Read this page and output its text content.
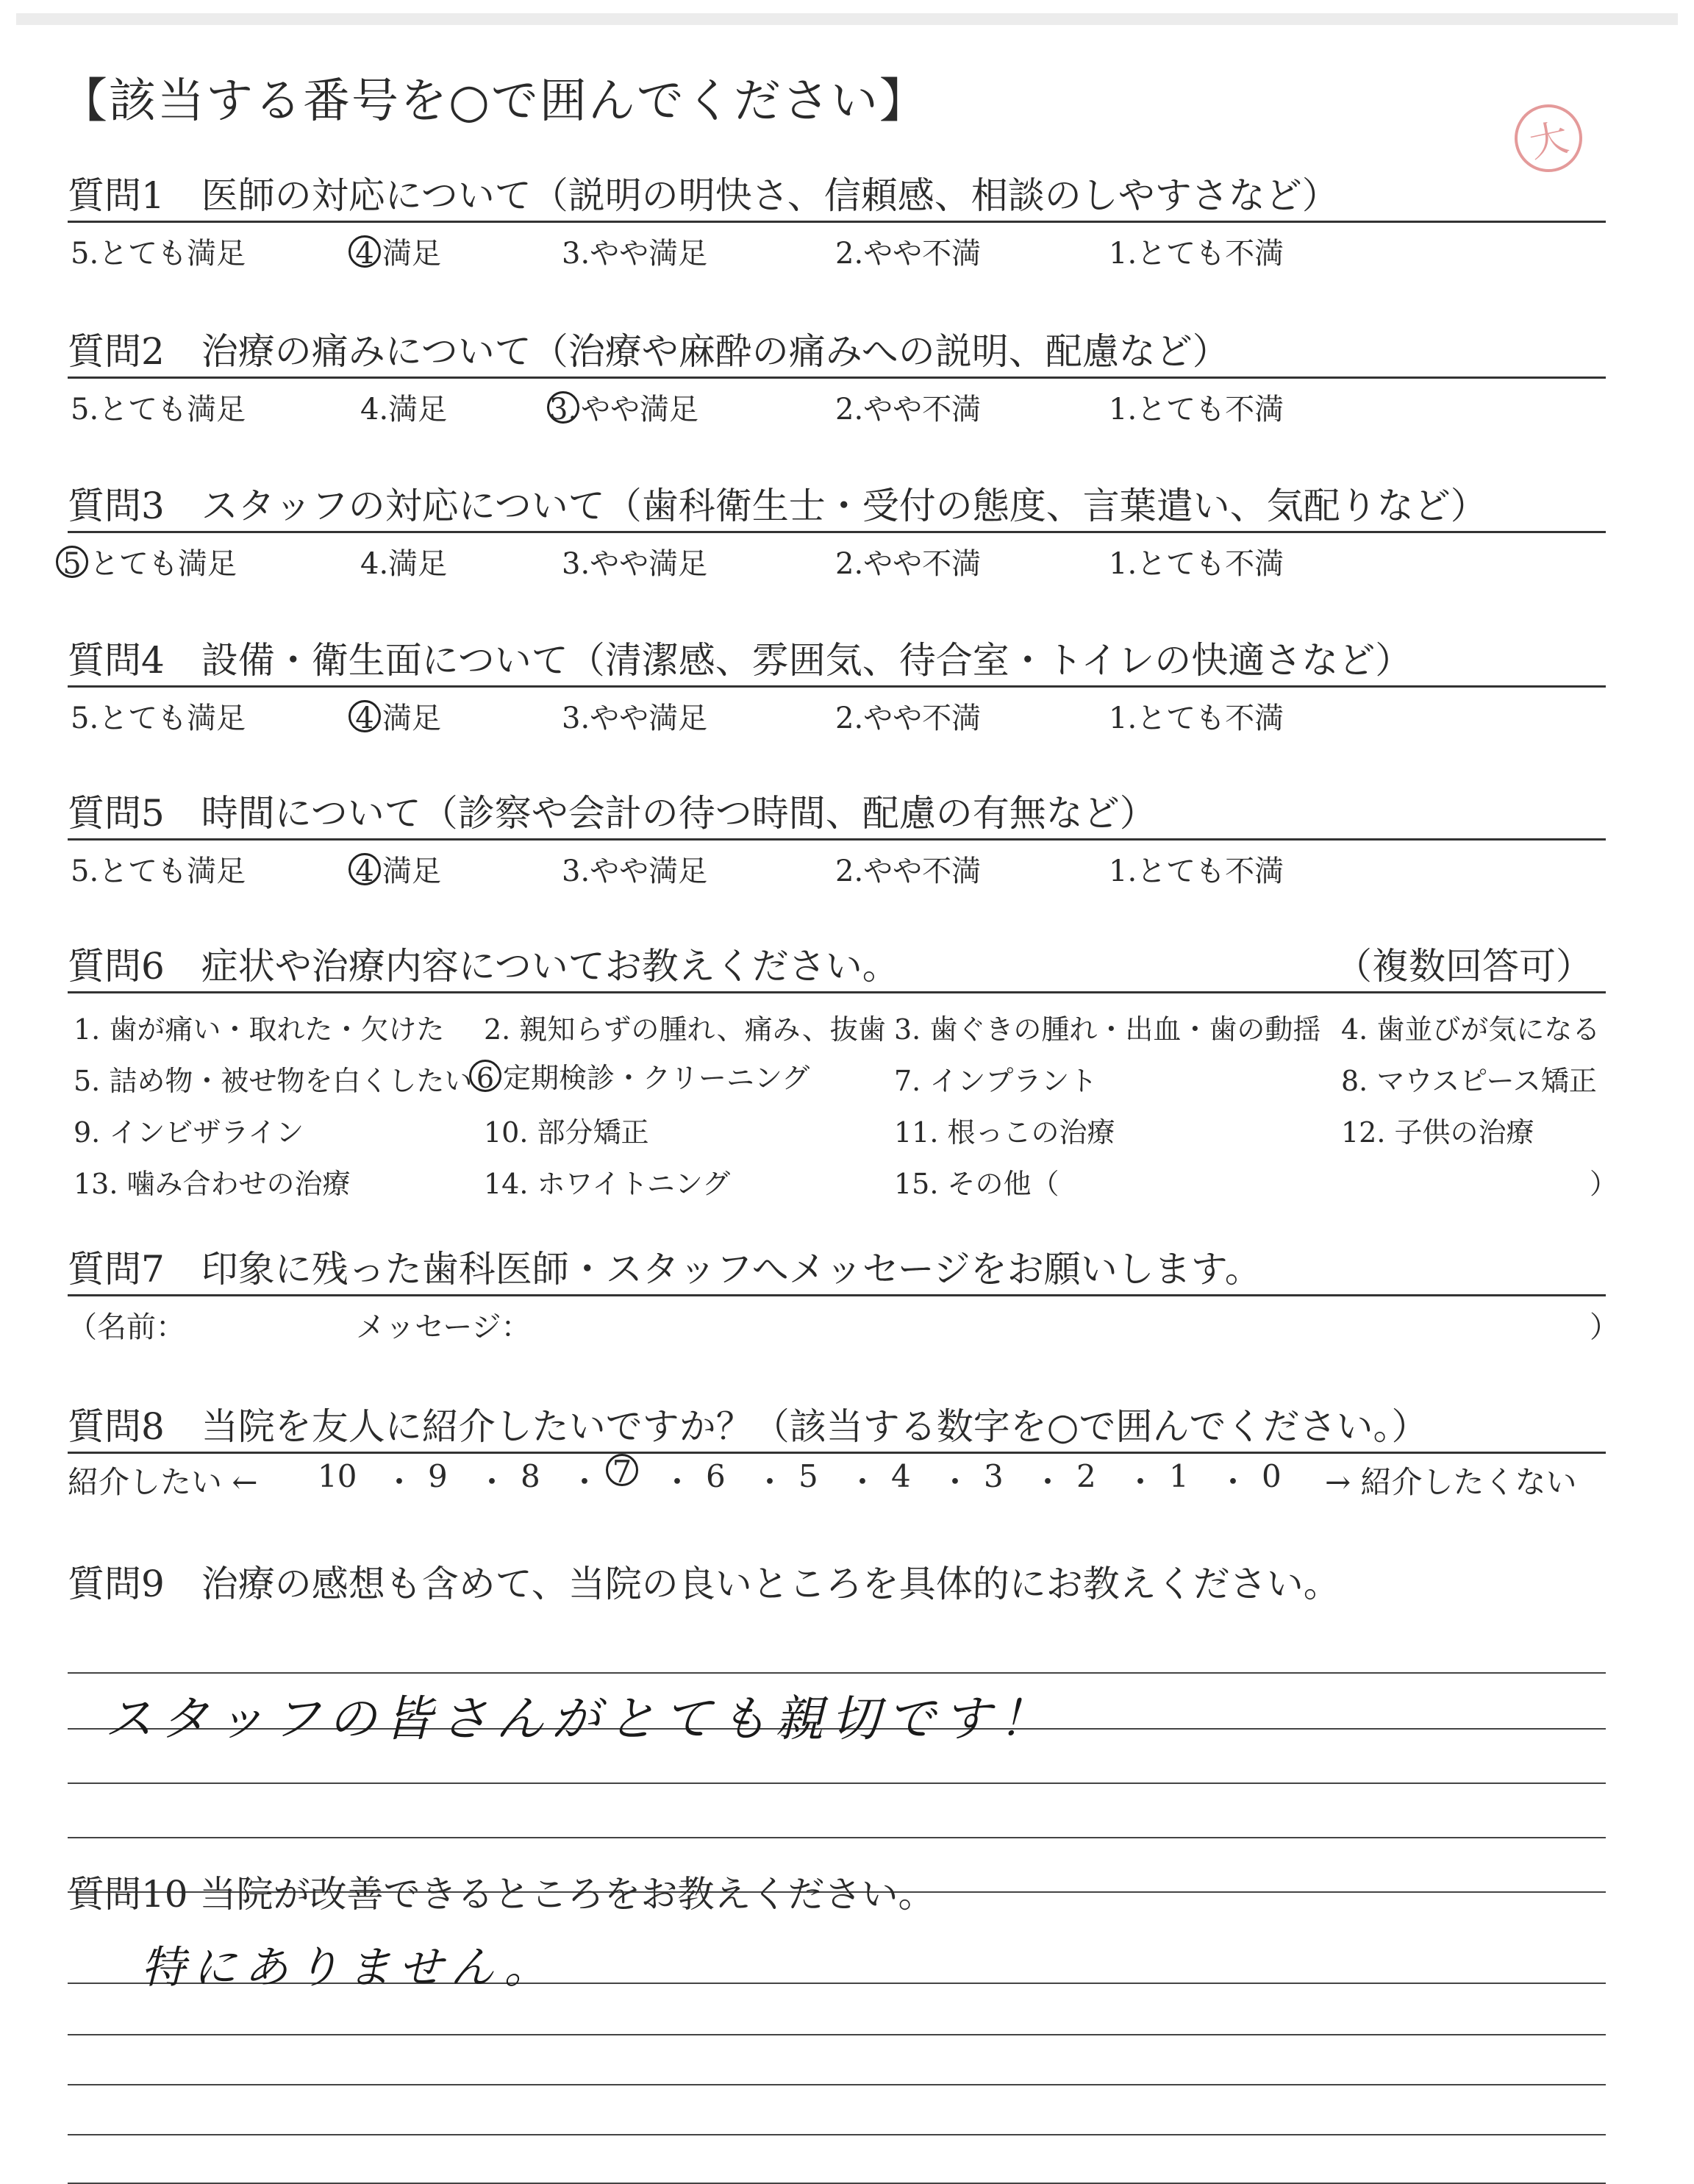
【該当する番号を○で囲んでください】
大
質問1　医師の対応について（説明の明快さ、信頼感、相談のしやすさなど）
5.とても満足	4 満足	3.やや満足	2.やや不満	1.とても不満
質問2　治療の痛みについて（治療や麻酔の痛みへの説明、配慮など）
5.とても満足	4.満足	3. やや満足	2.やや不満	1.とても不満
質問3　スタッフの対応について（歯科衛生士・受付の態度、言葉遣い、気配りなど）
5 とても満足	4.満足	3.やや満足	2.やや不満	1.とても不満
質問4　設備・衛生面について（清潔感、雰囲気、待合室・トイレの快適さなど）
5.とても満足	4 満足	3.やや満足	2.やや不満	1.とても不満
質問5　時間について（診察や会計の待つ時間、配慮の有無など）
5.とても満足	4 満足	3.やや満足	2.やや不満	1.とても不満
質問6　症状や治療内容についてお教えください。	（複数回答可）
1. 歯が痛い・取れた・欠けた 2. 親知らずの腫れ、痛み、抜歯 3. 歯ぐきの腫れ・出血・歯の動揺 4. 歯並びが気になる
5. 詰め物・被せ物を白くしたい 6 定期検診・クリーニング	7. インプラント	8. マウスピース矯正
9. インビザライン	10. 部分矯正	11. 根っこの治療	12. 子供の治療
13. 噛み合わせの治療	14. ホワイトニング	15. その他（	）
質問7　印象に残った歯科医師・スタッフへメッセージをお願いします。
（名前：	メッセージ：	）
質問8　当院を友人に紹介したいですか？（該当する数字を○で囲んでください。）
紹介したい ← 10 ・ 9 ・ 8 ・ 7 ・ 6 ・ 5 ・ 4 ・ 3 ・ 2 ・ 1 ・ 0 → 紹介したくない
質問9　治療の感想も含めて、当院の良いところを具体的にお教えください。
スタッフの皆さんがとても親切です！
質問10 当院が改善できるところをお教えください。
特にありません。
